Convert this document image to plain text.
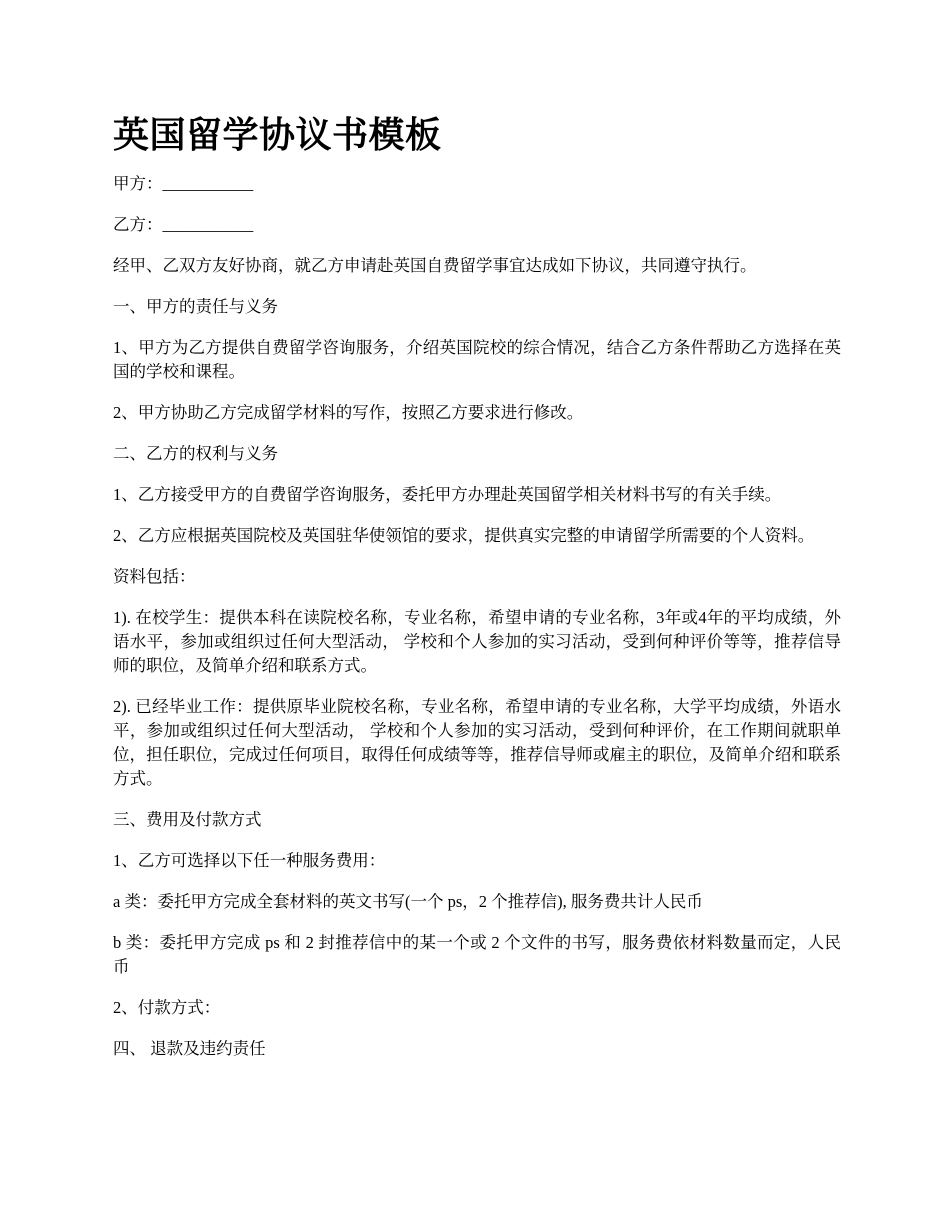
英国留学协议书模板

甲方：___________

乙方：___________

经甲、乙双方友好协商，就乙方申请赴英国自费留学事宜达成如下协议，共同遵守执行。

一、甲方的责任与义务

1、甲方为乙方提供自费留学咨询服务，介绍英国院校的综合情况，结合乙方条件帮助乙方选择在英国的学校和课程。

2、甲方协助乙方完成留学材料的写作，按照乙方要求进行修改。

二、乙方的权利与义务

1、乙方接受甲方的自费留学咨询服务，委托甲方办理赴英国留学相关材料书写的有关手续。

2、乙方应根据英国院校及英国驻华使领馆的要求，提供真实完整的申请留学所需要的个人资料。

资料包括：

1). 在校学生：提供本科在读院校名称，专业名称，希望申请的专业名称，3年或4年的平均成绩，外语水平，参加或组织过任何大型活动， 学校和个人参加的实习活动，受到何种评价等等，推荐信导师的职位，及简单介绍和联系方式。

2). 已经毕业工作：提供原毕业院校名称，专业名称，希望申请的专业名称，大学平均成绩，外语水平，参加或组织过任何大型活动， 学校和个人参加的实习活动，受到何种评价，在工作期间就职单位，担任职位，完成过任何项目，取得任何成绩等等，推荐信导师或雇主的职位，及简单介绍和联系方式。

三、费用及付款方式

1、乙方可选择以下任一种服务费用：

a 类：委托甲方完成全套材料的英文书写(一个 ps，2 个推荐信), 服务费共计人民币

b 类：委托甲方完成 ps 和 2 封推荐信中的某一个或 2 个文件的书写，服务费依材料数量而定，人民币

2、付款方式：

四、 退款及违约责任
